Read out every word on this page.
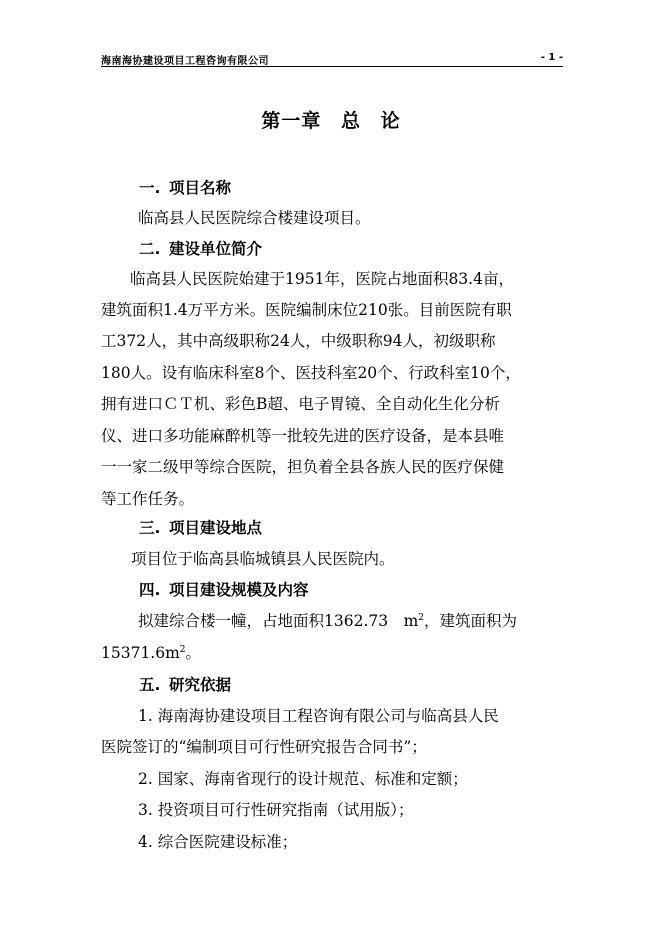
海南海协建设项目工程咨询有限公司	- 1 -
第一章 总 论
一. 项目名称
临高县人民医院综合楼建设项目。
二. 建设单位简介
临高县人民医院始建于1951年，医院占地面积83.4亩，
建筑面积1.4万平方米。医院编制床位210张。目前医院有职
工372人，其中高级职称24人，中级职称94人，初级职称
180人。设有临床科室8个、医技科室20个、行政科室10个，
拥有进口ＣＴ机、彩色B超、电子胃镜、全自动化生化分析
仪、进口多功能麻醉机等一批较先进的医疗设备，是本县唯
一一家二级甲等综合医院，担负着全县各族人民的医疗保健
等工作任务。
三. 项目建设地点
项目位于临高县临城镇县人民医院内。
四. 项目建设规模及内容
拟建综合楼一幢，占地面积1362.73　$m^2$，建筑面积为
$15371.6m^2$。
五. 研究依据
1. 海南海协建设项目工程咨询有限公司与临高县人民
医院签订的“编制项目可行性研究报告合同书”；
2. 国家、海南省现行的设计规范、标准和定额；
3. 投资项目可行性研究指南（试用版）；
4. 综合医院建设标准；
